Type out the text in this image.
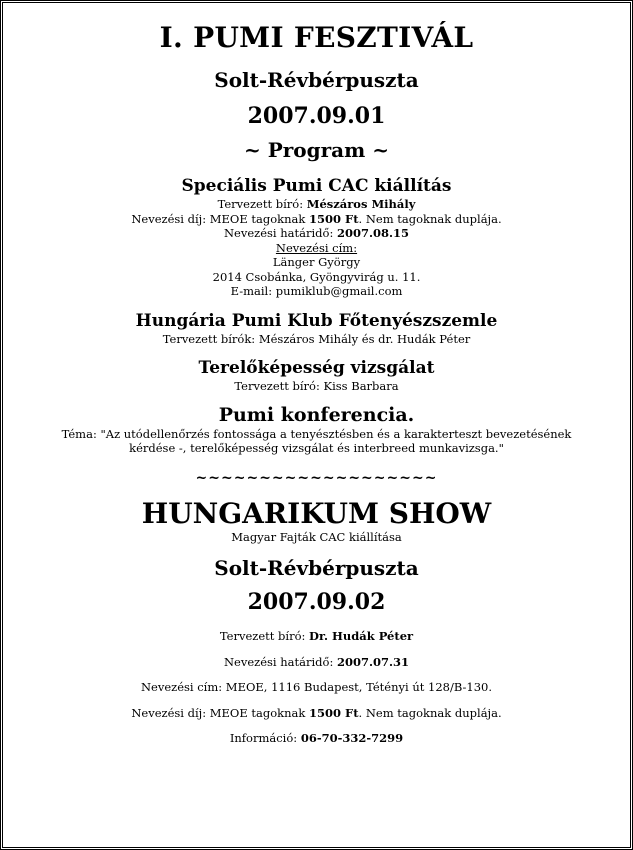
I. PUMI FESZTIVÁL
Solt-Révbérpuszta
2007.09.01
~ Program ~
Speciális Pumi CAC kiállítás
Tervezett bíró: Mészáros Mihály
Nevezési díj: MEOE tagoknak 1500 Ft. Nem tagoknak duplája.
Nevezési határidő: 2007.08.15
Nevezési cím:
Länger György
2014 Csobánka, Gyöngyvirág u. 11.
E-mail: pumiklub@gmail.com
Hungária Pumi Klub Főtenyészszemle
Tervezett bírók: Mészáros Mihály és dr. Hudák Péter
Terelőképesség vizsgálat
Tervezett bíró: Kiss Barbara
Pumi konferencia.
Téma: "Az utódellenőrzés fontossága a tenyésztésben és a karakterteszt bevezetésének
kérdése -, terelőképesség vizsgálat és interbreed munkavizsga."
~~~~~~~~~~~~~~~~~~~
HUNGARIKUM SHOW
Magyar Fajták CAC kiállítása
Solt-Révbérpuszta
2007.09.02
Tervezett bíró: Dr. Hudák Péter
Nevezési határidő: 2007.07.31
Nevezési cím: MEOE, 1116 Budapest, Tétényi út 128/B-130.
Nevezési díj: MEOE tagoknak 1500 Ft. Nem tagoknak duplája.
Információ: 06-70-332-7299
